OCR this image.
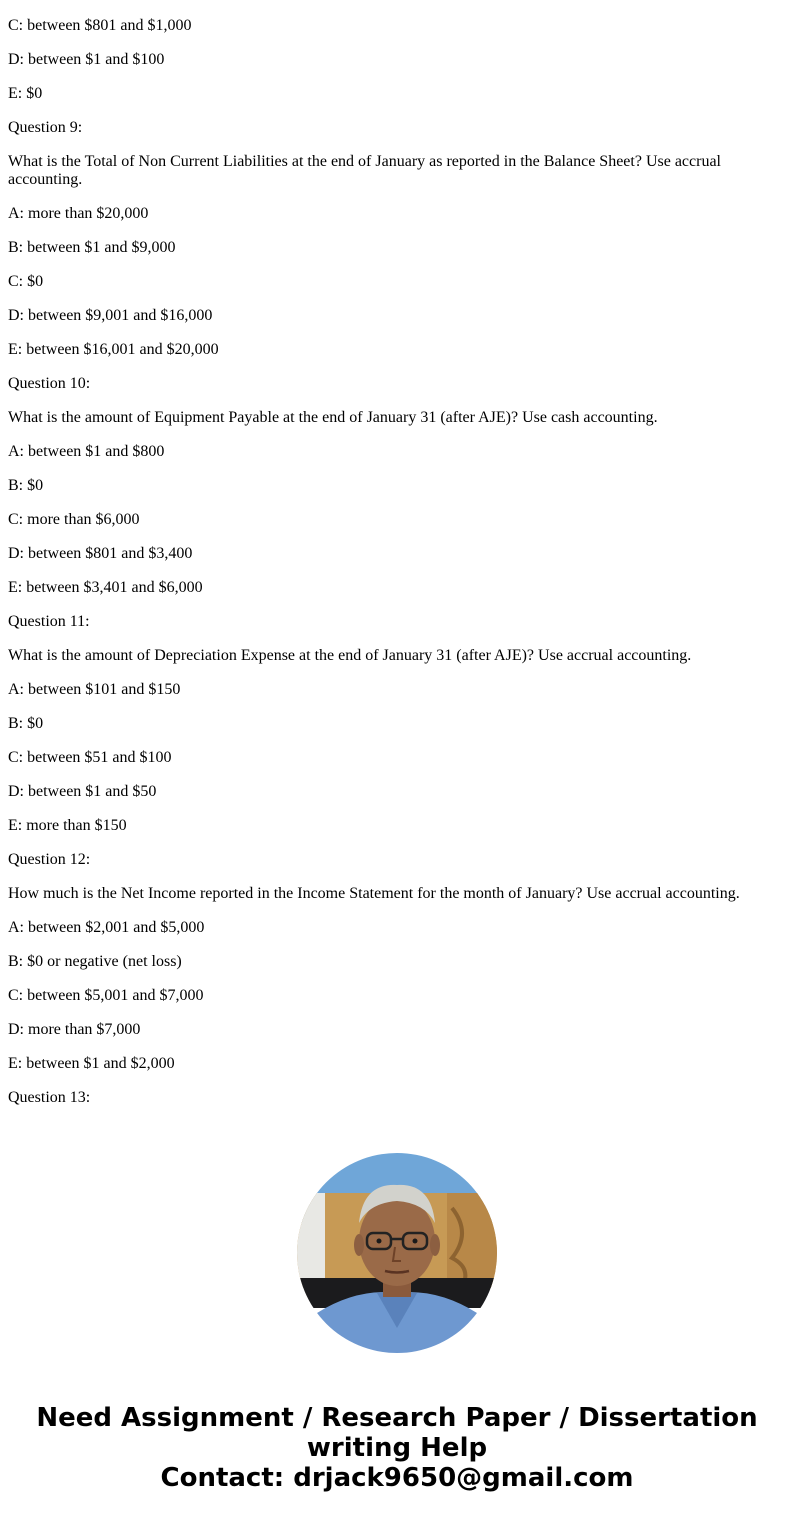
C: between $801 and $1,000

D: between $1 and $100

E: $0

Question 9:

What is the Total of Non Current Liabilities at the end of January as reported in the Balance Sheet? Use accrual accounting.

A: more than $20,000

B: between $1 and $9,000

C: $0

D: between $9,001 and $16,000

E: between $16,001 and $20,000

Question 10:

What is the amount of Equipment Payable at the end of January 31 (after AJE)? Use cash accounting.

A: between $1 and $800

B: $0

C: more than $6,000

D: between $801 and $3,400

E: between $3,401 and $6,000

Question 11:

What is the amount of Depreciation Expense at the end of January 31 (after AJE)? Use accrual accounting.

A: between $101 and $150

B: $0

C: between $51 and $100

D: between $1 and $50

E: more than $150

Question 12:

How much is the Net Income reported in the Income Statement for the month of January? Use accrual accounting.

A: between $2,001 and $5,000

B: $0 or negative (net loss)

C: between $5,001 and $7,000

D: more than $7,000

E: between $1 and $2,000

Question 13:

Need Assignment / Research Paper / Dissertation
writing Help
Contact: drjack9650@gmail.com
